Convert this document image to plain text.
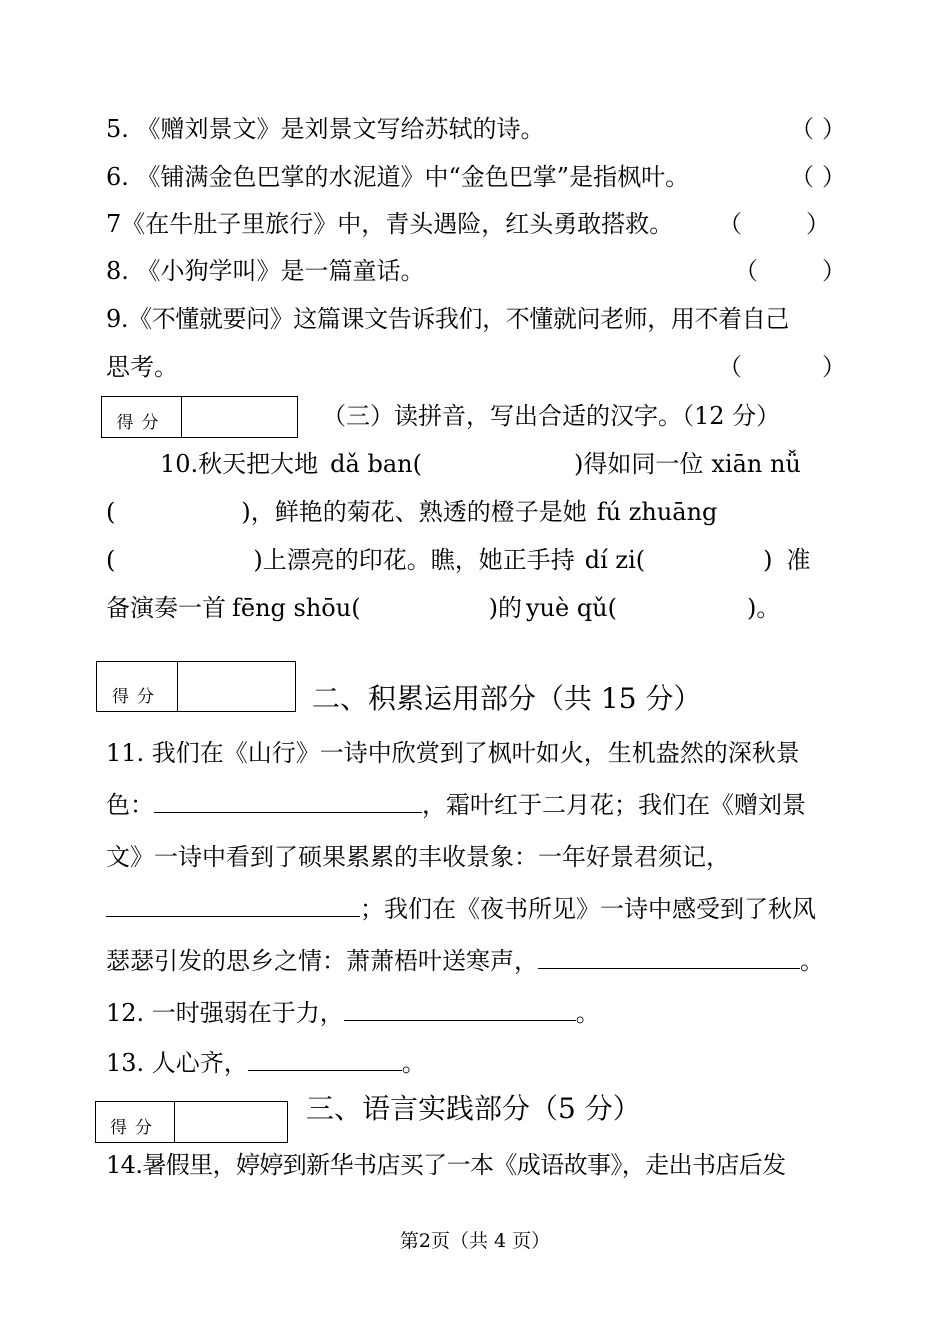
5. 《赠刘景文》是刘景文写给苏轼的诗。	（ ）
6. 《铺满金色巴掌的水泥道》中“金色巴掌”是指枫叶。	（ ）
7《在牛肚子里旅行》中，青头遇险，红头勇敢搭救。 （	）
8. 《小狗学叫》是一篇童话。	（	）
9.《不懂就要问》这篇课文告诉我们，不懂就问老师，用不着自己
思考。	（	）
得分	（三）读拼音，写出合适的汉字。（12 分）
10.秋天把大地 dǎ ban(	)得如同一位 xiān nǚ
(	)，鲜艳的菊花、熟透的橙子是她 fú zhuāng
(	)上漂亮的印花。瞧，她正手持 dí zi(	) 准
备演奏一首 fēng shōu(	)的 yuè qǔ(	)。
得分	二、积累运用部分（共 15 分）
11. 我们在《山行》一诗中欣赏到了枫叶如火，生机盎然的深秋景
色：	，霜叶红于二月花；我们在《赠刘景
文》一诗中看到了硕果累累的丰收景象：一年好景君须记，
；我们在《夜书所见》一诗中感受到了秋风
瑟瑟引发的思乡之情：萧萧梧叶送寒声，	。
12. 一时强弱在于力，	。
13. 人心齐，	。
得分
三、语言实践部分（5 分）
14.暑假里，婷婷到新华书店买了一本《成语故事》，走出书店后发
第2页（共 4 页）
